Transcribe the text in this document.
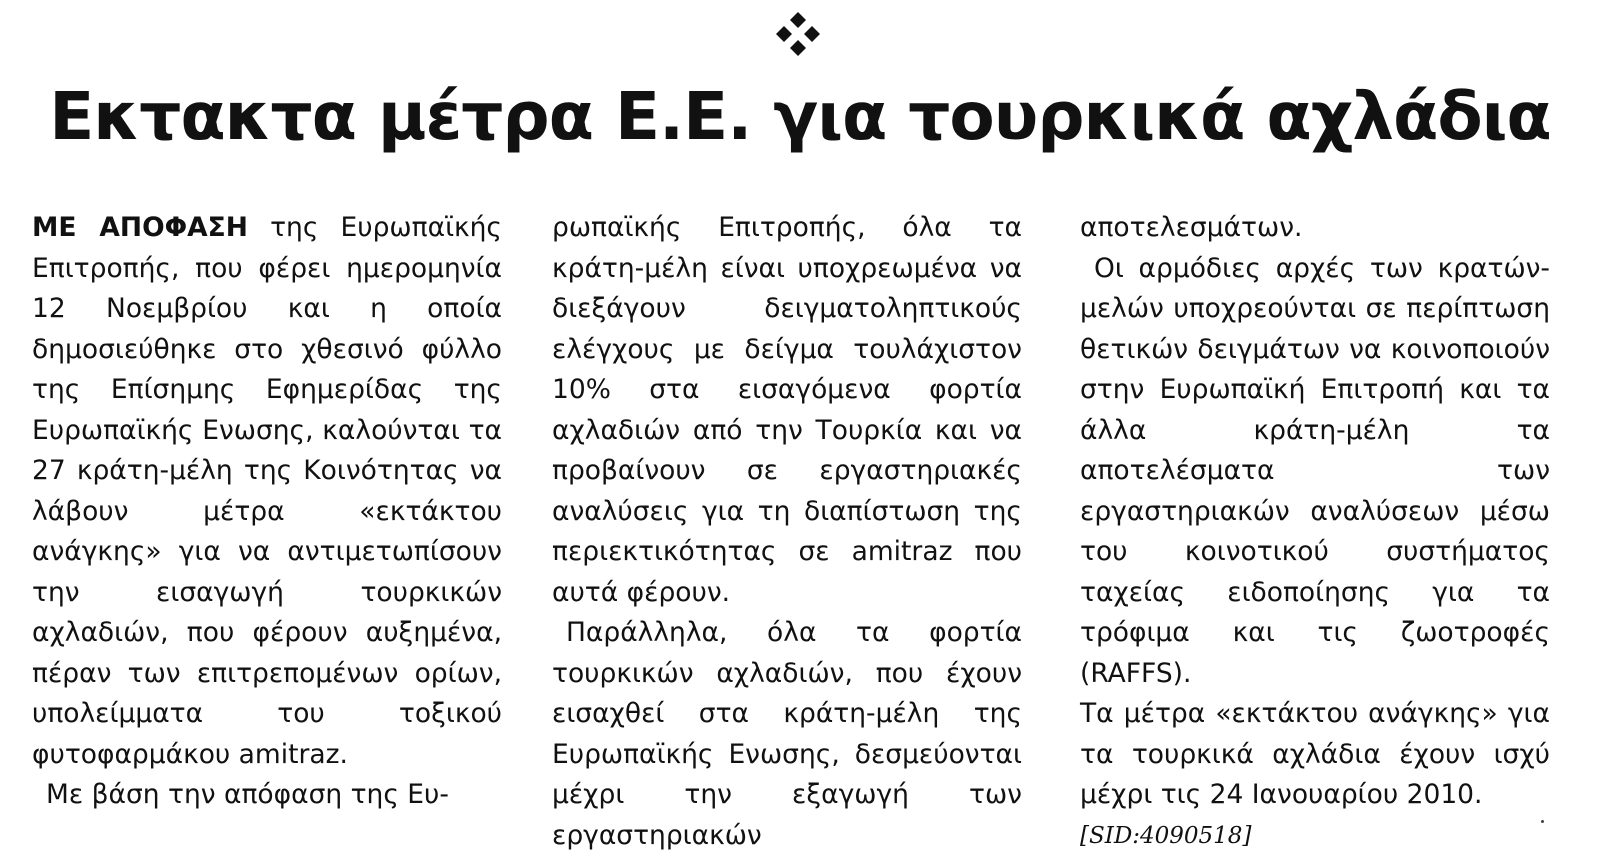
Εκτακτα μέτρα Ε.Ε. για τουρκικά αχλάδια

ΜΕ ΑΠΟΦΑΣΗ της Ευρωπαϊκής Επιτροπής, που φέρει ημερομηνία 12 Νοεμβρίου και η οποία δημοσιεύθηκε στο χθεσινό φύλλο της Επίσημης Εφημερίδας της Ευρωπαϊκής Ενωσης, καλούνται τα 27 κράτη-μέλη της Κοινότητας να λάβουν μέτρα «εκτάκτου ανάγκης» για να αντιμετωπίσουν την εισαγωγή τουρκικών αχλαδιών, που φέρουν αυξημένα, πέραν των επιτρεπομένων ορίων, υπολείμματα του τοξικού φυτοφαρμάκου amitraz.

Με βάση την απόφαση της Ευ-

ρωπαϊκής Επιτροπής, όλα τα κράτη-μέλη είναι υποχρεωμένα να διεξάγουν δειγματοληπτικούς ελέγχους με δείγμα τουλάχιστον 10% στα εισαγόμενα φορτία αχλαδιών από την Τουρκία και να προβαίνουν σε εργαστηριακές αναλύσεις για τη διαπίστωση της περιεκτικότητας σε amitraz που αυτά φέρουν.

Παράλληλα, όλα τα φορτία τουρκικών αχλαδιών, που έχουν εισαχθεί στα κράτη-μέλη της Ευρωπαϊκής Ενωσης, δεσμεύονται μέχρι την εξαγωγή των εργαστηριακών

αποτελεσμάτων.

Οι αρμόδιες αρχές των κρατών-μελών υποχρεούνται σε περίπτωση θετικών δειγμάτων να κοινοποιούν στην Ευρωπαϊκή Επιτροπή και τα άλλα κράτη-μέλη τα αποτελέσματα των εργαστηριακών αναλύσεων μέσω του κοινοτικού συστήματος ταχείας ειδοποίησης για τα τρόφιμα και τις ζωοτροφές (RAFFS).

Τα μέτρα «εκτάκτου ανάγκης» για τα τουρκικά αχλάδια έχουν ισχύ μέχρι τις 24 Ιανουαρίου 2010.

[SID:4090518]
